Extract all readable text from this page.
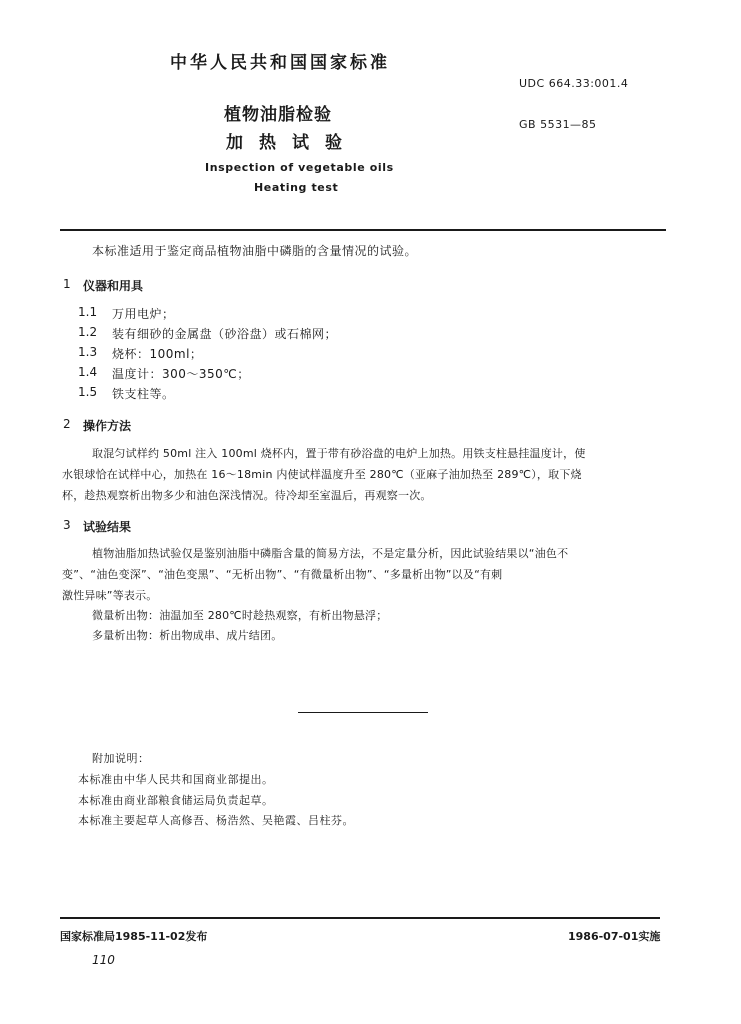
中华人民共和国国家标准
UDC 664.33:001.4
GB 5531—85
植物油脂检验
加热试验
Inspection of vegetable oils
Heating test
本标准适用于鉴定商品植物油脂中磷脂的含量情况的试验。
1 仪器和用具
1.1 万用电炉；
1.2 装有细砂的金属盘（砂浴盘）或石棉网；
1.3 烧杯：100ml；
1.4 温度计：300～350℃；
1.5 铁支柱等。
2 操作方法
取混匀试样约 50ml 注入 100ml 烧杯内，置于带有砂浴盘的电炉上加热。用铁支柱悬挂温度计，使
水银球恰在试样中心，加热在 16～18min 内使试样温度升至 280℃（亚麻子油加热至 289℃），取下烧
杯，趁热观察析出物多少和油色深浅情况。待冷却至室温后，再观察一次。
3 试验结果
植物油脂加热试验仅是鉴别油脂中磷脂含量的简易方法，不是定量分析，因此试验结果以“油色不
变”、“油色变深”、“油色变黑”、“无析出物”、“有微量析出物”、“多量析出物”以及“有刺
激性异味”等表示。
微量析出物：油温加至 280℃时趁热观察，有析出物悬浮；
多量析出物：析出物成串、成片结团。
附加说明：
本标准由中华人民共和国商业部提出。
本标准由商业部粮食储运局负责起草。
本标准主要起草人高修吾、杨浩然、吴艳霞、吕柱芬。
国家标准局1985-11-02发布	1986-07-01实施
110
